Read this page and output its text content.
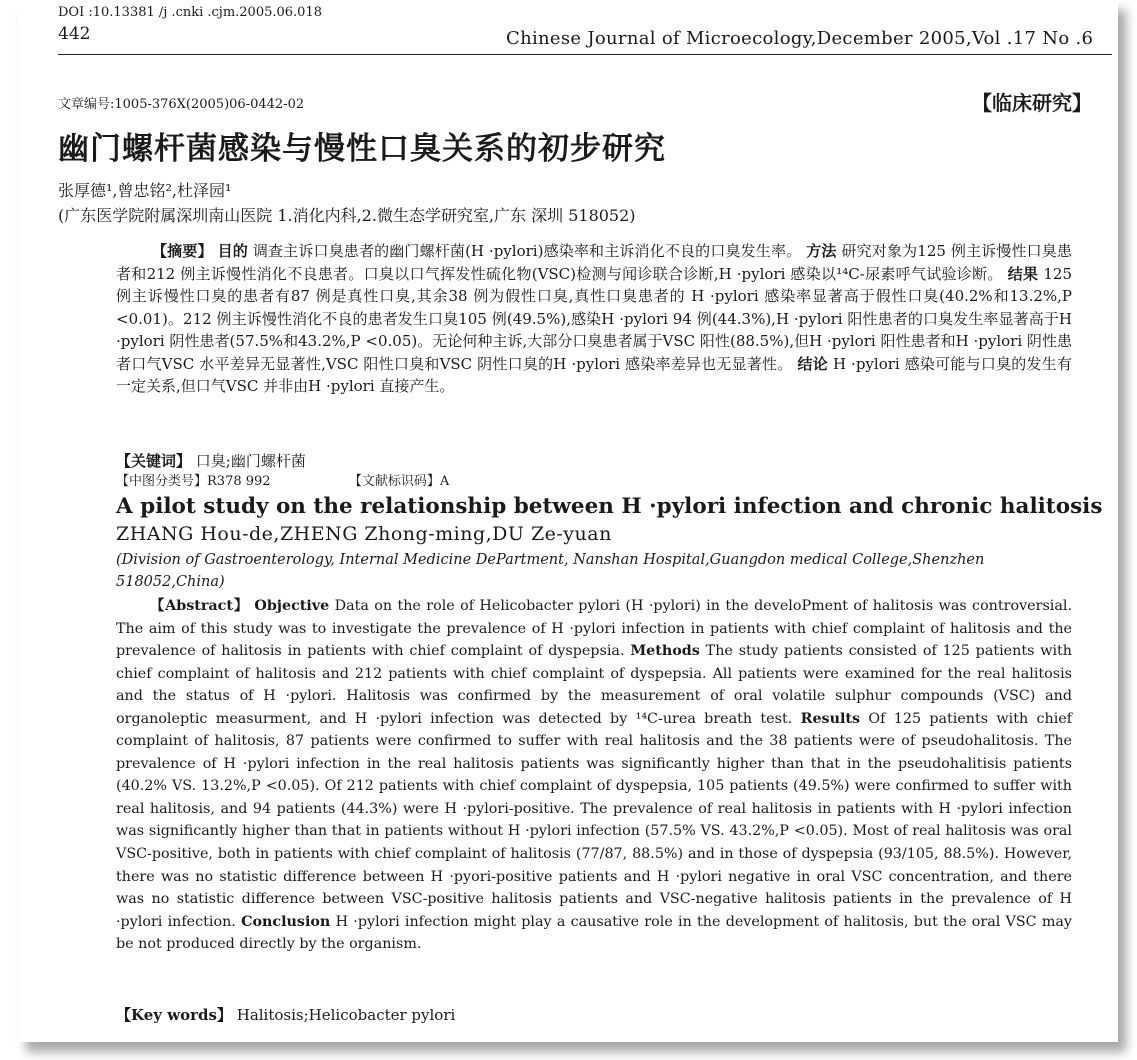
DOI :10.13381 /j .cnki .cjm.2005.06.018
442	Chinese Journal of Microecology,December 2005,Vol .17 No .6
文章编号:1005-376X(2005)06-0442-02	【临床研究】
幽门螺杆菌感染与慢性口臭关系的初步研究
张厚德¹,曾忠铭²,杜泽园¹
(广东医学院附属深圳南山医院 1.消化内科,2.微生态学研究室,广东 深圳 518052)
【摘要】 目的 调查主诉口臭患者的幽门螺杆菌(H ·pylori)感染率和主诉消化不良的口臭发生率。 方法 研究对象为125 例主诉慢性口臭患者和212 例主诉慢性消化不良患者。口臭以口气挥发性硫化物(VSC)检测与闻诊联合诊断,H ·pylori 感染以¹⁴C-尿素呼气试验诊断。 结果 125 例主诉慢性口臭的患者有87 例是真性口臭,其余38 例为假性口臭,真性口臭患者的 H ·pylori 感染率显著高于假性口臭(40.2%和13.2%,P <0.01)。212 例主诉慢性消化不良的患者发生口臭105 例(49.5%),感染H ·pylori 94 例(44.3%),H ·pylori 阳性患者的口臭发生率显著高于H ·pylori 阴性患者(57.5%和43.2%,P <0.05)。无论何种主诉,大部分口臭患者属于VSC 阳性(88.5%),但H ·pylori 阳性患者和H ·pylori 阴性患者口气VSC 水平差异无显著性,VSC 阳性口臭和VSC 阴性口臭的H ·pylori 感染率差异也无显著性。 结论 H ·pylori 感染可能与口臭的发生有一定关系,但口气VSC 并非由H ·pylori 直接产生。
【关键词】 口臭;幽门螺杆菌
【中图分类号】R378 992	【文献标识码】A
A pilot study on the relationship between H ·pylori infection and chronic halitosis
ZHANG Hou-de,ZHENG Zhong-ming,DU Ze-yuan
(Division of Gastroenterology, Internal Medicine DePartment, Nanshan Hospital,Guangdon medical College,Shenzhen 518052,China)
【Abstract】 Objective Data on the role of Helicobacter pylori (H ·pylori) in the develoPment of halitosis was controversial. The aim of this study was to investigate the prevalence of H ·pylori infection in patients with chief complaint of halitosis and the prevalence of halitosis in patients with chief complaint of dyspepsia. Methods The study patients consisted of 125 patients with chief complaint of halitosis and 212 patients with chief complaint of dyspepsia. All patients were examined for the real halitosis and the status of H ·pylori. Halitosis was confirmed by the measurement of oral volatile sulphur compounds (VSC) and organoleptic measurment, and H ·pylori infection was detected by ¹⁴C-urea breath test. Results Of 125 patients with chief complaint of halitosis, 87 patients were confirmed to suffer with real halitosis and the 38 patients were of pseudohalitosis. The prevalence of H ·pylori infection in the real halitosis patients was significantly higher than that in the pseudohalitisis patients (40.2% VS. 13.2%,P <0.05). Of 212 patients with chief complaint of dyspepsia, 105 patients (49.5%) were confirmed to suffer with real halitosis, and 94 patients (44.3%) were H ·pylori-positive. The prevalence of real halitosis in patients with H ·pylori infection was significantly higher than that in patients without H ·pylori infection (57.5% VS. 43.2%,P <0.05). Most of real halitosis was oral VSC-positive, both in patients with chief complaint of halitosis (77/87, 88.5%) and in those of dyspepsia (93/105, 88.5%). However, there was no statistic difference between H ·pyori-positive patients and H ·pylori negative in oral VSC concentration, and there was no statistic difference between VSC-positive halitosis patients and VSC-negative halitosis patients in the prevalence of H ·pylori infection. Conclusion H ·pylori infection might play a causative role in the development of halitosis, but the oral VSC may be not produced directly by the organism.
【Key words】 Halitosis;Helicobacter pylori
